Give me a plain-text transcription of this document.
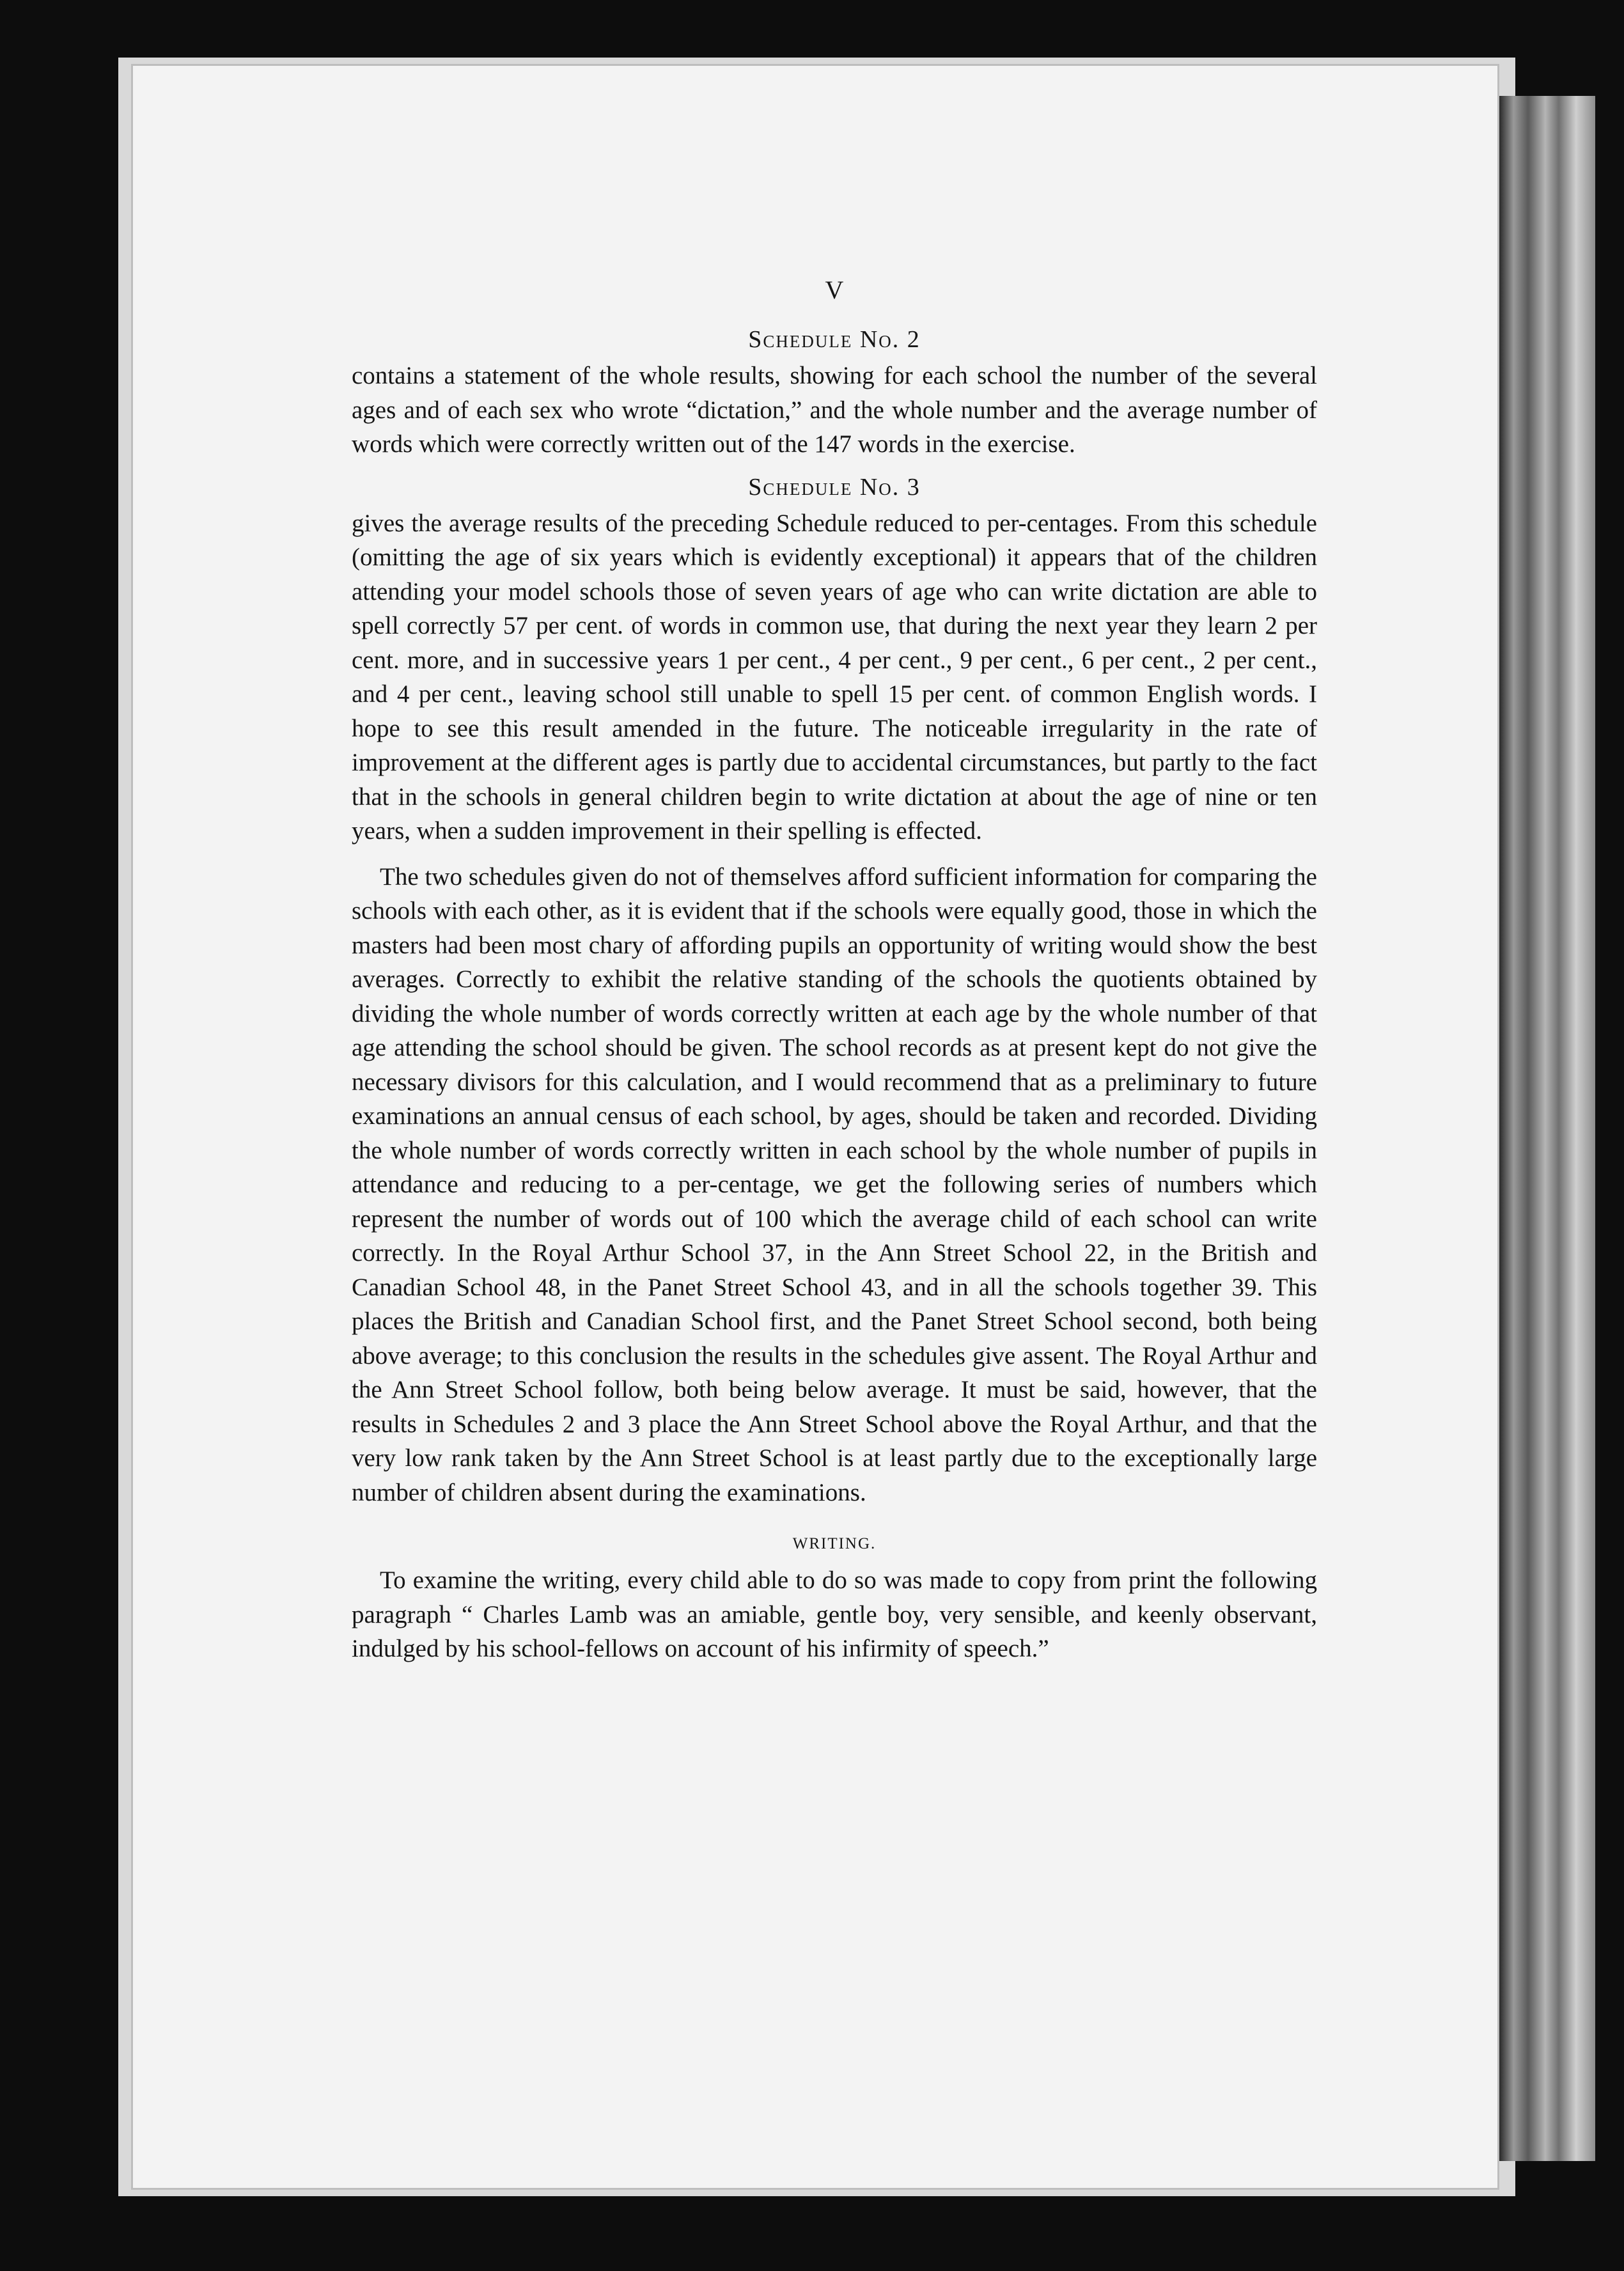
V
Schedule No. 2

contains a statement of the whole results, showing for each school the number of the several ages and of each sex who wrote “dictation,” and the whole number and the average number of words which were correctly written out of the 147 words in the exercise.

Schedule No. 3

gives the average results of the preceding Schedule reduced to per-centages. From this schedule (omitting the age of six years which is evidently exceptional) it appears that of the children attending your model schools those of seven years of age who can write dictation are able to spell correctly 57 per cent. of words in common use, that during the next year they learn 2 per cent. more, and in successive years 1 per cent., 4 per cent., 9 per cent., 6 per cent., 2 per cent., and 4 per cent., leaving school still unable to spell 15 per cent. of common English words. I hope to see this result amended in the future. The noticeable irregularity in the rate of improvement at the different ages is partly due to accidental circumstances, but partly to the fact that in the schools in general children begin to write dictation at about the age of nine or ten years, when a sudden improvement in their spelling is effected.

The two schedules given do not of themselves afford sufficient information for comparing the schools with each other, as it is evident that if the schools were equally good, those in which the masters had been most chary of affording pupils an opportunity of writing would show the best averages. Correctly to exhibit the relative standing of the schools the quotients obtained by dividing the whole number of words correctly written at each age by the whole number of that age attending the school should be given. The school records as at present kept do not give the necessary divisors for this calculation, and I would recommend that as a preliminary to future examinations an annual census of each school, by ages, should be taken and recorded. Dividing the whole number of words correctly written in each school by the whole number of pupils in attendance and reducing to a per-centage, we get the following series of numbers which represent the number of words out of 100 which the average child of each school can write correctly. In the Royal Arthur School 37, in the Ann Street School 22, in the British and Canadian School 48, in the Panet Street School 43, and in all the schools together 39. This places the British and Canadian School first, and the Panet Street School second, both being above average; to this conclusion the results in the schedules give assent. The Royal Arthur and the Ann Street School follow, both being below average. It must be said, however, that the results in Schedules 2 and 3 place the Ann Street School above the Royal Arthur, and that the very low rank taken by the Ann Street School is at least partly due to the exceptionally large number of children absent during the examinations.

WRITING.

To examine the writing, every child able to do so was made to copy from print the following paragraph “ Charles Lamb was an amiable, gentle boy, very sensible, and keenly observant, indulged by his school-fellows on account of his infirmity of speech.”
